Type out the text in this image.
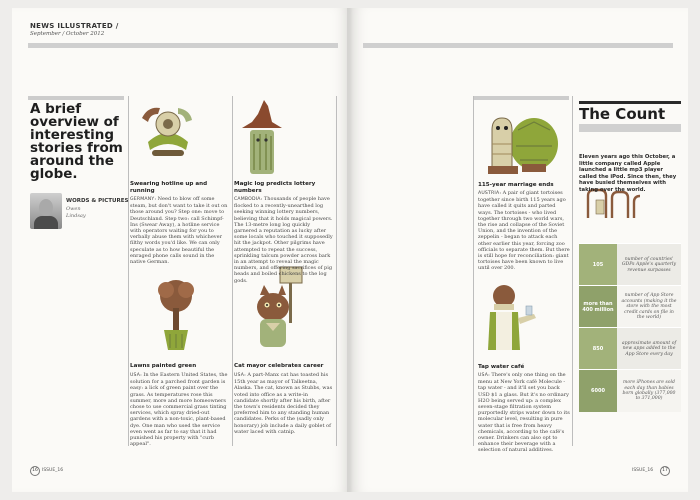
NEWS ILLUSTRATED /
September / October 2012
A brief overview of interesting stories from around the globe.
WORDS & PICTURES
Owen
Lindsay
Swearing hotline up and running

GERMANY: Need to blow off some steam, but don't want to take it out on those around you? Step one: move to Deutschland. Step two: call Schimpf-Ins (Swear Away), a hotline service with operators waiting for you to verbally abuse them with whichever filthy words you'd like. We can only speculate as to how beautiful the enraged phone calls sound in the native German.

Magic log predicts lottery numbers

CAMBODIA: Thousands of people have flocked to a recently-unearthed log seeking winning lottery numbers, believing that it holds magical powers. The 13-metre long log quickly garnered a reputation as lucky after some locals who touched it supposedly hit the jackpot. Other pilgrims have attempted to repeat the success, sprinkling talcum powder across bark in an attempt to reveal the magic numbers, and offering sacrifices of pig heads and boiled chickens to the log gods.

Lawns painted green

USA: In the Eastern United States, the solution for a parched front garden is easy: a lick of green paint over the grass. As temperatures rose this summer, more and more homeowners chose to use commercial grass tinting services, which spray dried-out gardens with a non-toxic, plant-based dye. One man who used the service even went as far to say that it had punished his property with "curb appeal".

Cat mayor celebrates career

USA: A part-Manx cat has toasted his 15th year as mayor of Talkeetna, Alaska. The cat, known as Stubbs, was voted into office as a write-in candidate shortly after his birth, after the town's residents decided they preferred him to any standing human candidates. Perks of the (sadly only honorary) job include a daily goblet of water laced with catnip.

115-year marriage ends

AUSTRIA: A pair of giant tortoises together since birth 115 years ago have called it quits and parted ways. The tortoises - who lived together through two world wars, the rise and collapse of the Soviet Union, and the invention of the zeppelin - began to attack each other earlier this year, forcing zoo officials to separate them. But there is still hope for reconciliation: giant tortoises have been known to live until over 200.

Tap water café

USA: There's only one thing on the menu at New York café Molecule - tap water - and it'll set you back USD $1 a glass. But it's no ordinary H2O being served up: a complex seven-stage filtration system purportedly strips water down to its molecular level, resulting in pure water that is free from heavy chemicals, according to the café's owner. Drinkers can also opt to enhance their beverage with a selection of natural additives.

The Count

Eleven years ago this October, a little company called Apple launched a little mp3 player called the iPod. Since then, they have busied themselves with taking over the world.

105
number of countries' GDPs Apple's quarterly revenue surpasses
more than 400 million
number of App Store accounts (making it the store with the most credit cards on file in the world)
850
approximate amount of new apps added to the App Store every day
6000
more iPhones are sold each day than babies born globally (377,000 to 371,000)
16 ISSUE_16	ISSUE_16	17
